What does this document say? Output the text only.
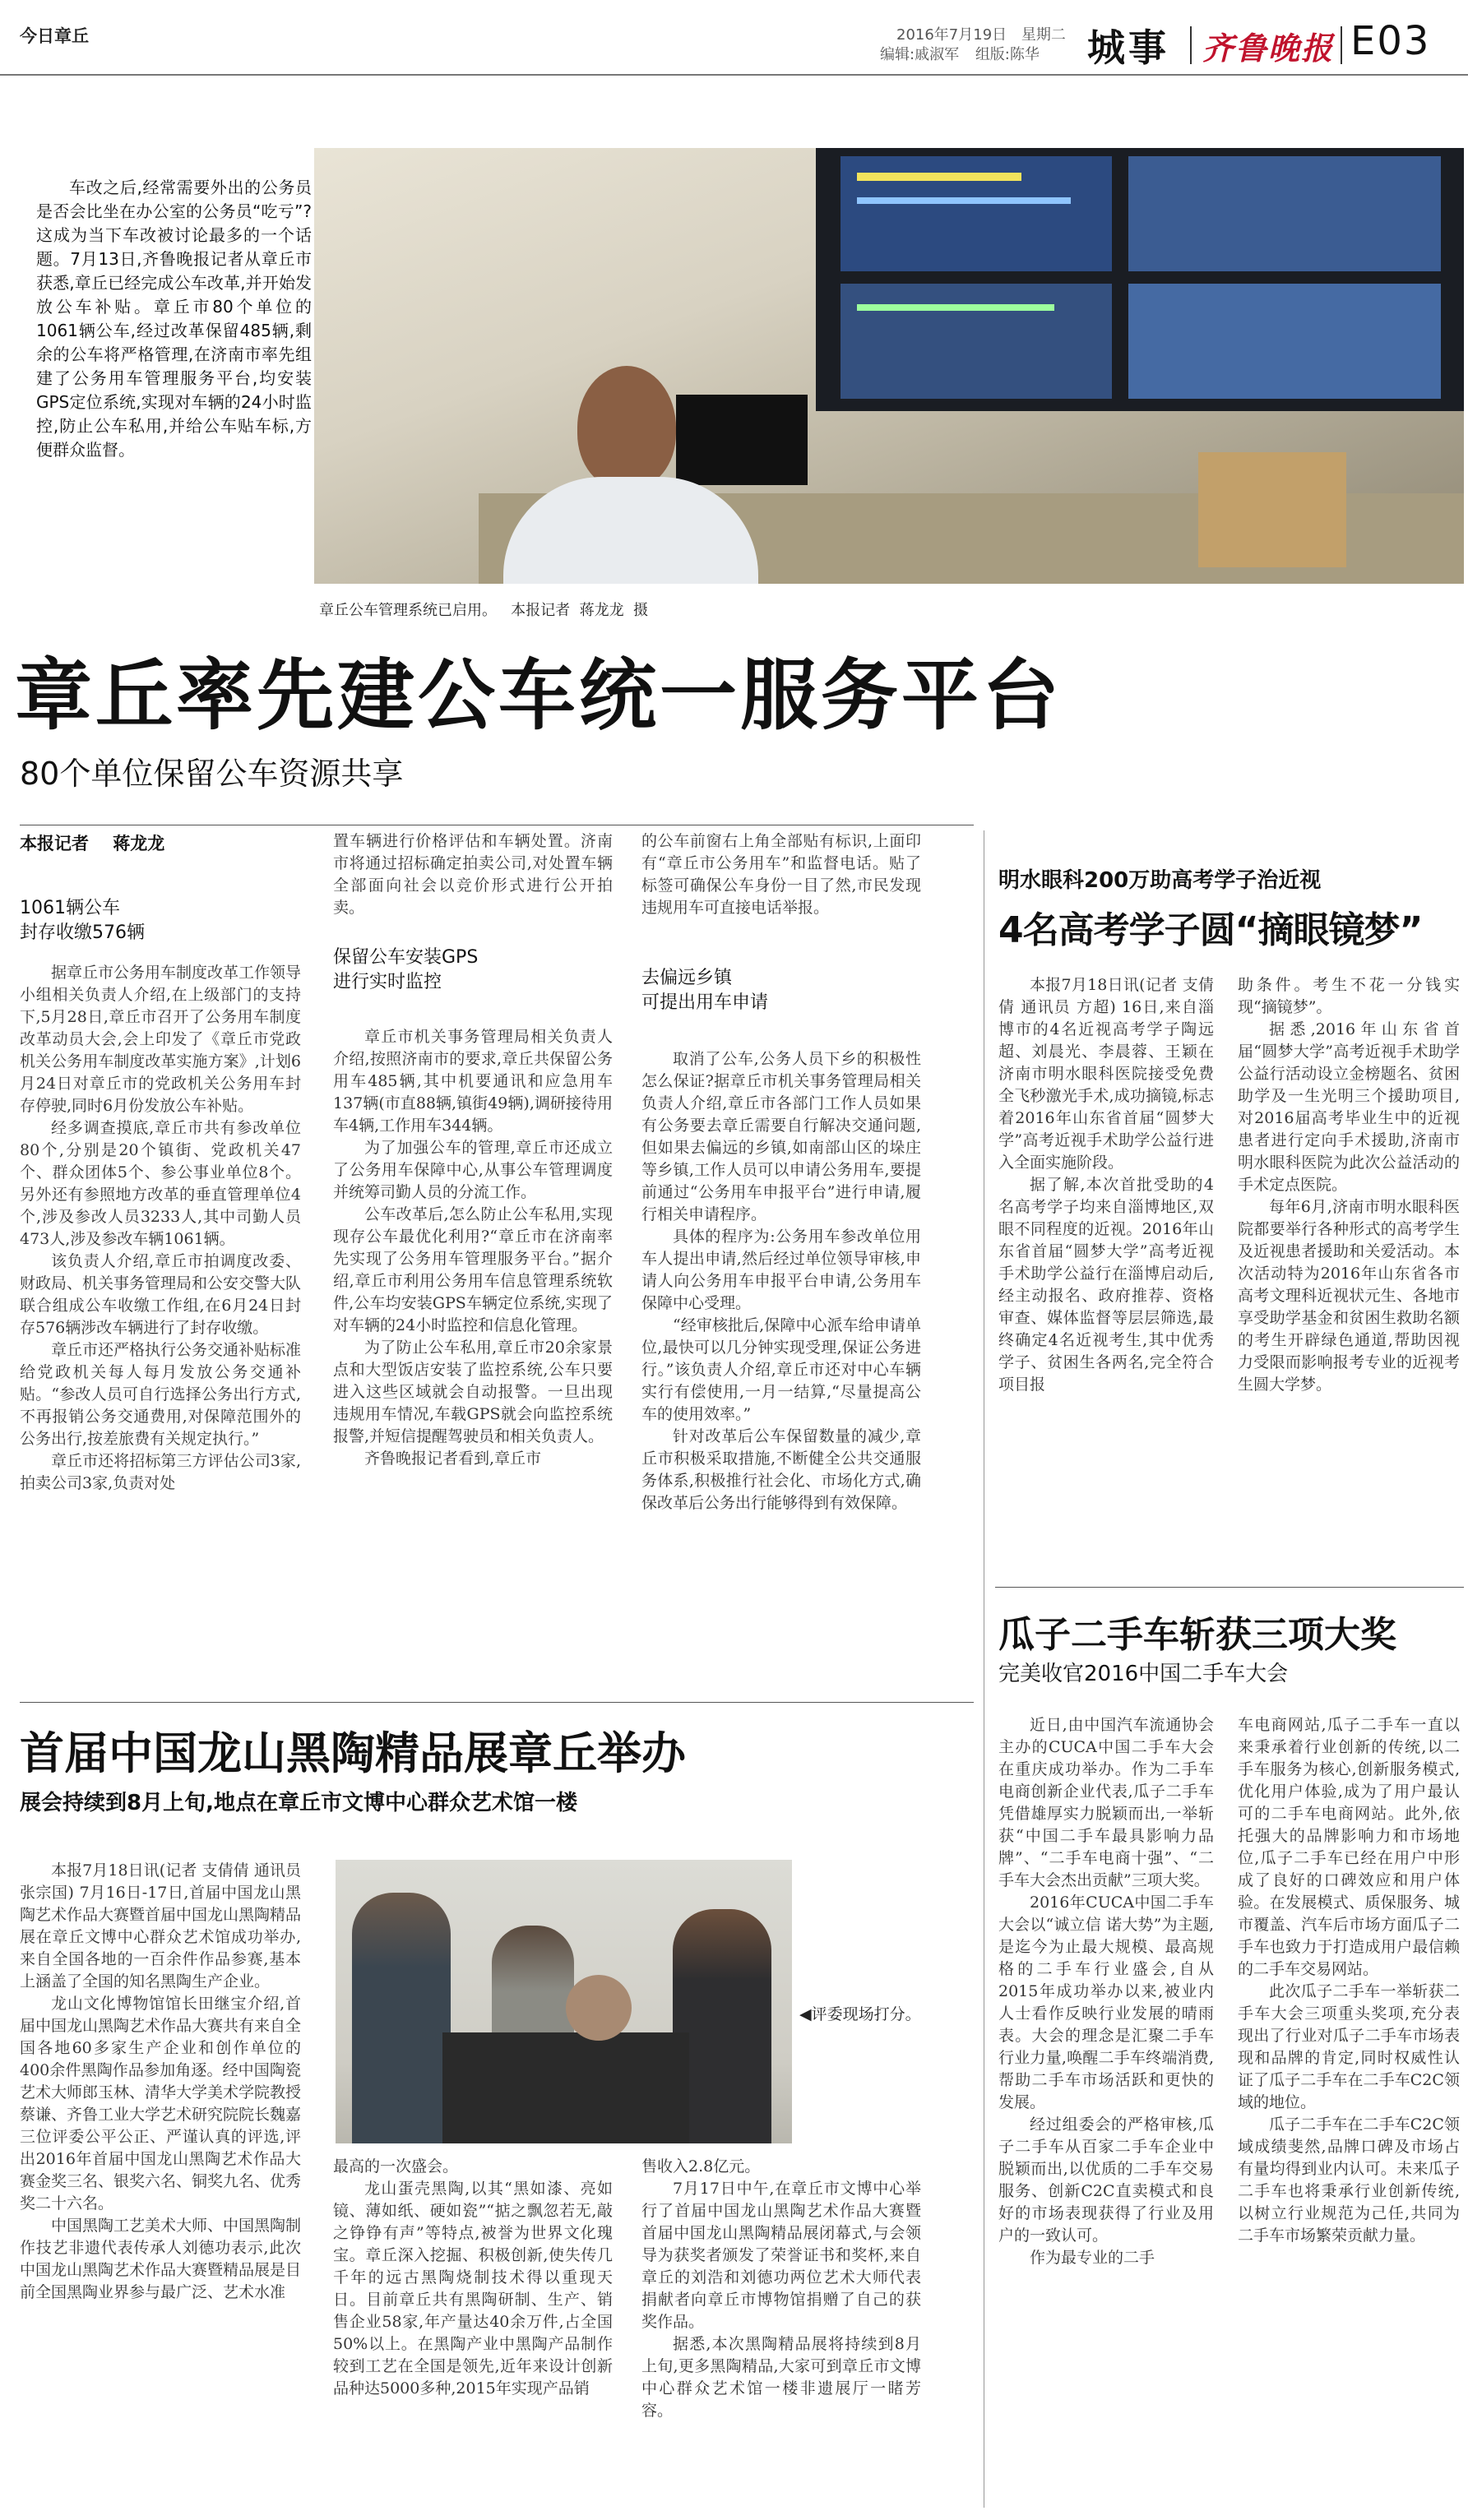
今日章丘	2016年7月19日 星期二
编辑:戚淑军 组版:陈华 城事 齐鲁晚报 E03
车改之后,经常需要外出的公务员是否会比坐在办公室的公务员“吃亏”?这成为当下车改被讨论最多的一个话题。7月13日,齐鲁晚报记者从章丘市获悉,章丘已经完成公车改革,并开始发放公车补贴。章丘市80个单位的1061辆公车,经过改革保留485辆,剩余的公车将严格管理,在济南市率先组建了公务用车管理服务平台,均安装GPS定位系统,实现对车辆的24小时监控,防止公车私用,并给公车贴车标,方便群众监督。
章丘公车管理系统已启用。   本报记者  蒋龙龙  摄
章丘率先建公车统一服务平台
80个单位保留公车资源共享
本报记者    蒋龙龙
1061辆公车
封存收缴576辆

据章丘市公务用车制度改革工作领导小组相关负责人介绍,在上级部门的支持下,5月28日,章丘市召开了公务用车制度改革动员大会,会上印发了《章丘市党政机关公务用车制度改革实施方案》,计划6月24日对章丘市的党政机关公务用车封存停驶,同时6月份发放公车补贴。

经多调查摸底,章丘市共有参改单位80个,分别是20个镇街、党政机关47个、群众团体5个、参公事业单位8个。另外还有参照地方改革的垂直管理单位4个,涉及参改人员3233人,其中司勤人员473人,涉及参改车辆1061辆。

该负责人介绍,章丘市拍调度改委、财政局、机关事务管理局和公安交警大队联合组成公车收缴工作组,在6月24日封存576辆涉改车辆进行了封存收缴。

章丘市还严格执行公务交通补贴标准给党政机关每人每月发放公务交通补贴。“参改人员可自行选择公务出行方式,不再报销公务交通费用,对保障范围外的公务出行,按差旅费有关规定执行。”

章丘市还将招标第三方评估公司3家,拍卖公司3家,负责对处

置车辆进行价格评估和车辆处置。济南市将通过招标确定拍卖公司,对处置车辆全部面向社会以竞价形式进行公开拍卖。

保留公车安装GPS
进行实时监控

章丘市机关事务管理局相关负责人介绍,按照济南市的要求,章丘共保留公务用车485辆,其中机要通讯和应急用车137辆(市直88辆,镇街49辆),调研接待用车4辆,工作用车344辆。

为了加强公车的管理,章丘市还成立了公务用车保障中心,从事公车管理调度并统筹司勤人员的分流工作。

公车改革后,怎么防止公车私用,实现现存公车最优化利用?“章丘市在济南率先实现了公务用车管理服务平台。”据介绍,章丘市利用公务用车信息管理系统软件,公车均安装GPS车辆定位系统,实现了对车辆的24小时监控和信息化管理。

为了防止公车私用,章丘市20余家景点和大型饭店安装了监控系统,公车只要进入这些区域就会自动报警。一旦出现违规用车情况,车载GPS就会向监控系统报警,并短信提醒驾驶员和相关负责人。

齐鲁晚报记者看到,章丘市

的公车前窗右上角全部贴有标识,上面印有“章丘市公务用车”和监督电话。贴了标签可确保公车身份一目了然,市民发现违规用车可直接电话举报。

去偏远乡镇
可提出用车申请

取消了公车,公务人员下乡的积极性怎么保证?据章丘市机关事务管理局相关负责人介绍,章丘市各部门工作人员如果有公务要去章丘需要自行解决交通问题,但如果去偏远的乡镇,如南部山区的垛庄等乡镇,工作人员可以申请公务用车,要提前通过“公务用车申报平台”进行申请,履行相关申请程序。

具体的程序为:公务用车参改单位用车人提出申请,然后经过单位领导审核,申请人向公务用车申报平台申请,公务用车保障中心受理。

“经审核批后,保障中心派车给申请单位,最快可以几分钟实现受理,保证公务进行。”该负责人介绍,章丘市还对中心车辆实行有偿使用,一月一结算,“尽量提高公车的使用效率。”

针对改革后公车保留数量的减少,章丘市积极采取措施,不断健全公共交通服务体系,积极推行社会化、市场化方式,确保改革后公务出行能够得到有效保障。

明水眼科200万助高考学子治近视
4名高考学子圆“摘眼镜梦”

本报7月18日讯(记者 支倩倩 通讯员 方超) 16日,来自淄博市的4名近视高考学子陶远超、刘晨光、李晨蓉、王颖在济南市明水眼科医院接受免费全飞秒激光手术,成功摘镜,标志着2016年山东省首届“圆梦大学”高考近视手术助学公益行进入全面实施阶段。

据了解,本次首批受助的4名高考学子均来自淄博地区,双眼不同程度的近视。2016年山东省首届“圆梦大学”高考近视手术助学公益行在淄博启动后,经主动报名、政府推荐、资格审查、媒体监督等层层筛选,最终确定4名近视考生,其中优秀学子、贫困生各两名,完全符合项目报

助条件。考生不花一分钱实现“摘镜梦”。

据悉,2016年山东省首届“圆梦大学”高考近视手术助学公益行活动设立金榜题名、贫困助学及一生光明三个援助项目,对2016届高考毕业生中的近视患者进行定向手术援助,济南市明水眼科医院为此次公益活动的手术定点医院。

每年6月,济南市明水眼科医院都要举行各种形式的高考学生及近视患者援助和关爱活动。本次活动特为2016年山东省各市高考文理科近视状元生、各地市享受助学基金和贫困生救助名额的考生开辟绿色通道,帮助因视力受限而影响报考专业的近视考生圆大学梦。

瓜子二手车斩获三项大奖
完美收官2016中国二手车大会

近日,由中国汽车流通协会主办的CUCA中国二手车大会在重庆成功举办。作为二手车电商创新企业代表,瓜子二手车凭借雄厚实力脱颖而出,一举斩获“中国二手车最具影响力品牌”、“二手车电商十强”、“二手车大会杰出贡献”三项大奖。

2016年CUCA中国二手车大会以“诚立信 诺大势”为主题,是迄今为止最大规模、最高规格的二手车行业盛会,自从2015年成功举办以来,被业内人士看作反映行业发展的晴雨表。大会的理念是汇聚二手车行业力量,唤醒二手车终端消费,帮助二手车市场活跃和更快的发展。

经过组委会的严格审核,瓜子二手车从百家二手车企业中脱颖而出,以优质的二手车交易服务、创新C2C直卖模式和良好的市场表现获得了行业及用户的一致认可。

作为最专业的二手

车电商网站,瓜子二手车一直以来秉承着行业创新的传统,以二手车服务为核心,创新服务模式,优化用户体验,成为了用户最认可的二手车电商网站。此外,依托强大的品牌影响力和市场地位,瓜子二手车已经在用户中形成了良好的口碑效应和用户体验。在发展模式、质保服务、城市覆盖、汽车后市场方面瓜子二手车也致力于打造成用户最信赖的二手车交易网站。

此次瓜子二手车一举斩获二手车大会三项重头奖项,充分表现出了行业对瓜子二手车市场表现和品牌的肯定,同时权威性认证了瓜子二手车在二手车C2C领域的地位。

瓜子二手车在二手车C2C领域成绩斐然,品牌口碑及市场占有量均得到业内认可。未来瓜子二手车也将秉承行业创新传统,以树立行业规范为己任,共同为二手车市场繁荣贡献力量。

首届中国龙山黑陶精品展章丘举办
展会持续到8月上旬,地点在章丘市文博中心群众艺术馆一楼

本报7月18日讯(记者 支倩倩 通讯员 张宗国) 7月16日-17日,首届中国龙山黑陶艺术作品大赛暨首届中国龙山黑陶精品展在章丘文博中心群众艺术馆成功举办,来自全国各地的一百余件作品参赛,基本上涵盖了全国的知名黑陶生产企业。

龙山文化博物馆馆长田继宝介绍,首届中国龙山黑陶艺术作品大赛共有来自全国各地60多家生产企业和创作单位的400余件黑陶作品参加角逐。经中国陶瓷艺术大师郎玉林、清华大学美术学院教授蔡谦、齐鲁工业大学艺术研究院院长魏嘉三位评委公平公正、严谨认真的评选,评出2016年首届中国龙山黑陶艺术作品大赛金奖三名、银奖六名、铜奖九名、优秀奖二十六名。

中国黑陶工艺美术大师、中国黑陶制作技艺非遗代表传承人刘德功表示,此次中国龙山黑陶艺术作品大赛暨精品展是目前全国黑陶业界参与最广泛、艺术水准

◀评委现场打分。

最高的一次盛会。

龙山蛋壳黑陶,以其“黑如漆、亮如镜、薄如纸、硬如瓷”“掂之飘忽若无,敲之铮铮有声”等特点,被誉为世界文化瑰宝。章丘深入挖掘、积极创新,使失传几千年的远古黑陶烧制技术得以重现天日。目前章丘共有黑陶研制、生产、销售企业58家,年产量达40余万件,占全国50%以上。在黑陶产业中黑陶产品制作较到工艺在全国是领先,近年来设计创新品种达5000多种,2015年实现产品销

售收入2.8亿元。

7月17日中午,在章丘市文博中心举行了首届中国龙山黑陶艺术作品大赛暨首届中国龙山黑陶精品展闭幕式,与会领导为获奖者颁发了荣誉证书和奖杯,来自章丘的刘浩和刘德功两位艺术大师代表捐献者向章丘市博物馆捐赠了自己的获奖作品。

据悉,本次黑陶精品展将持续到8月上旬,更多黑陶精品,大家可到章丘市文博中心群众艺术馆一楼非遗展厅一睹芳容。
